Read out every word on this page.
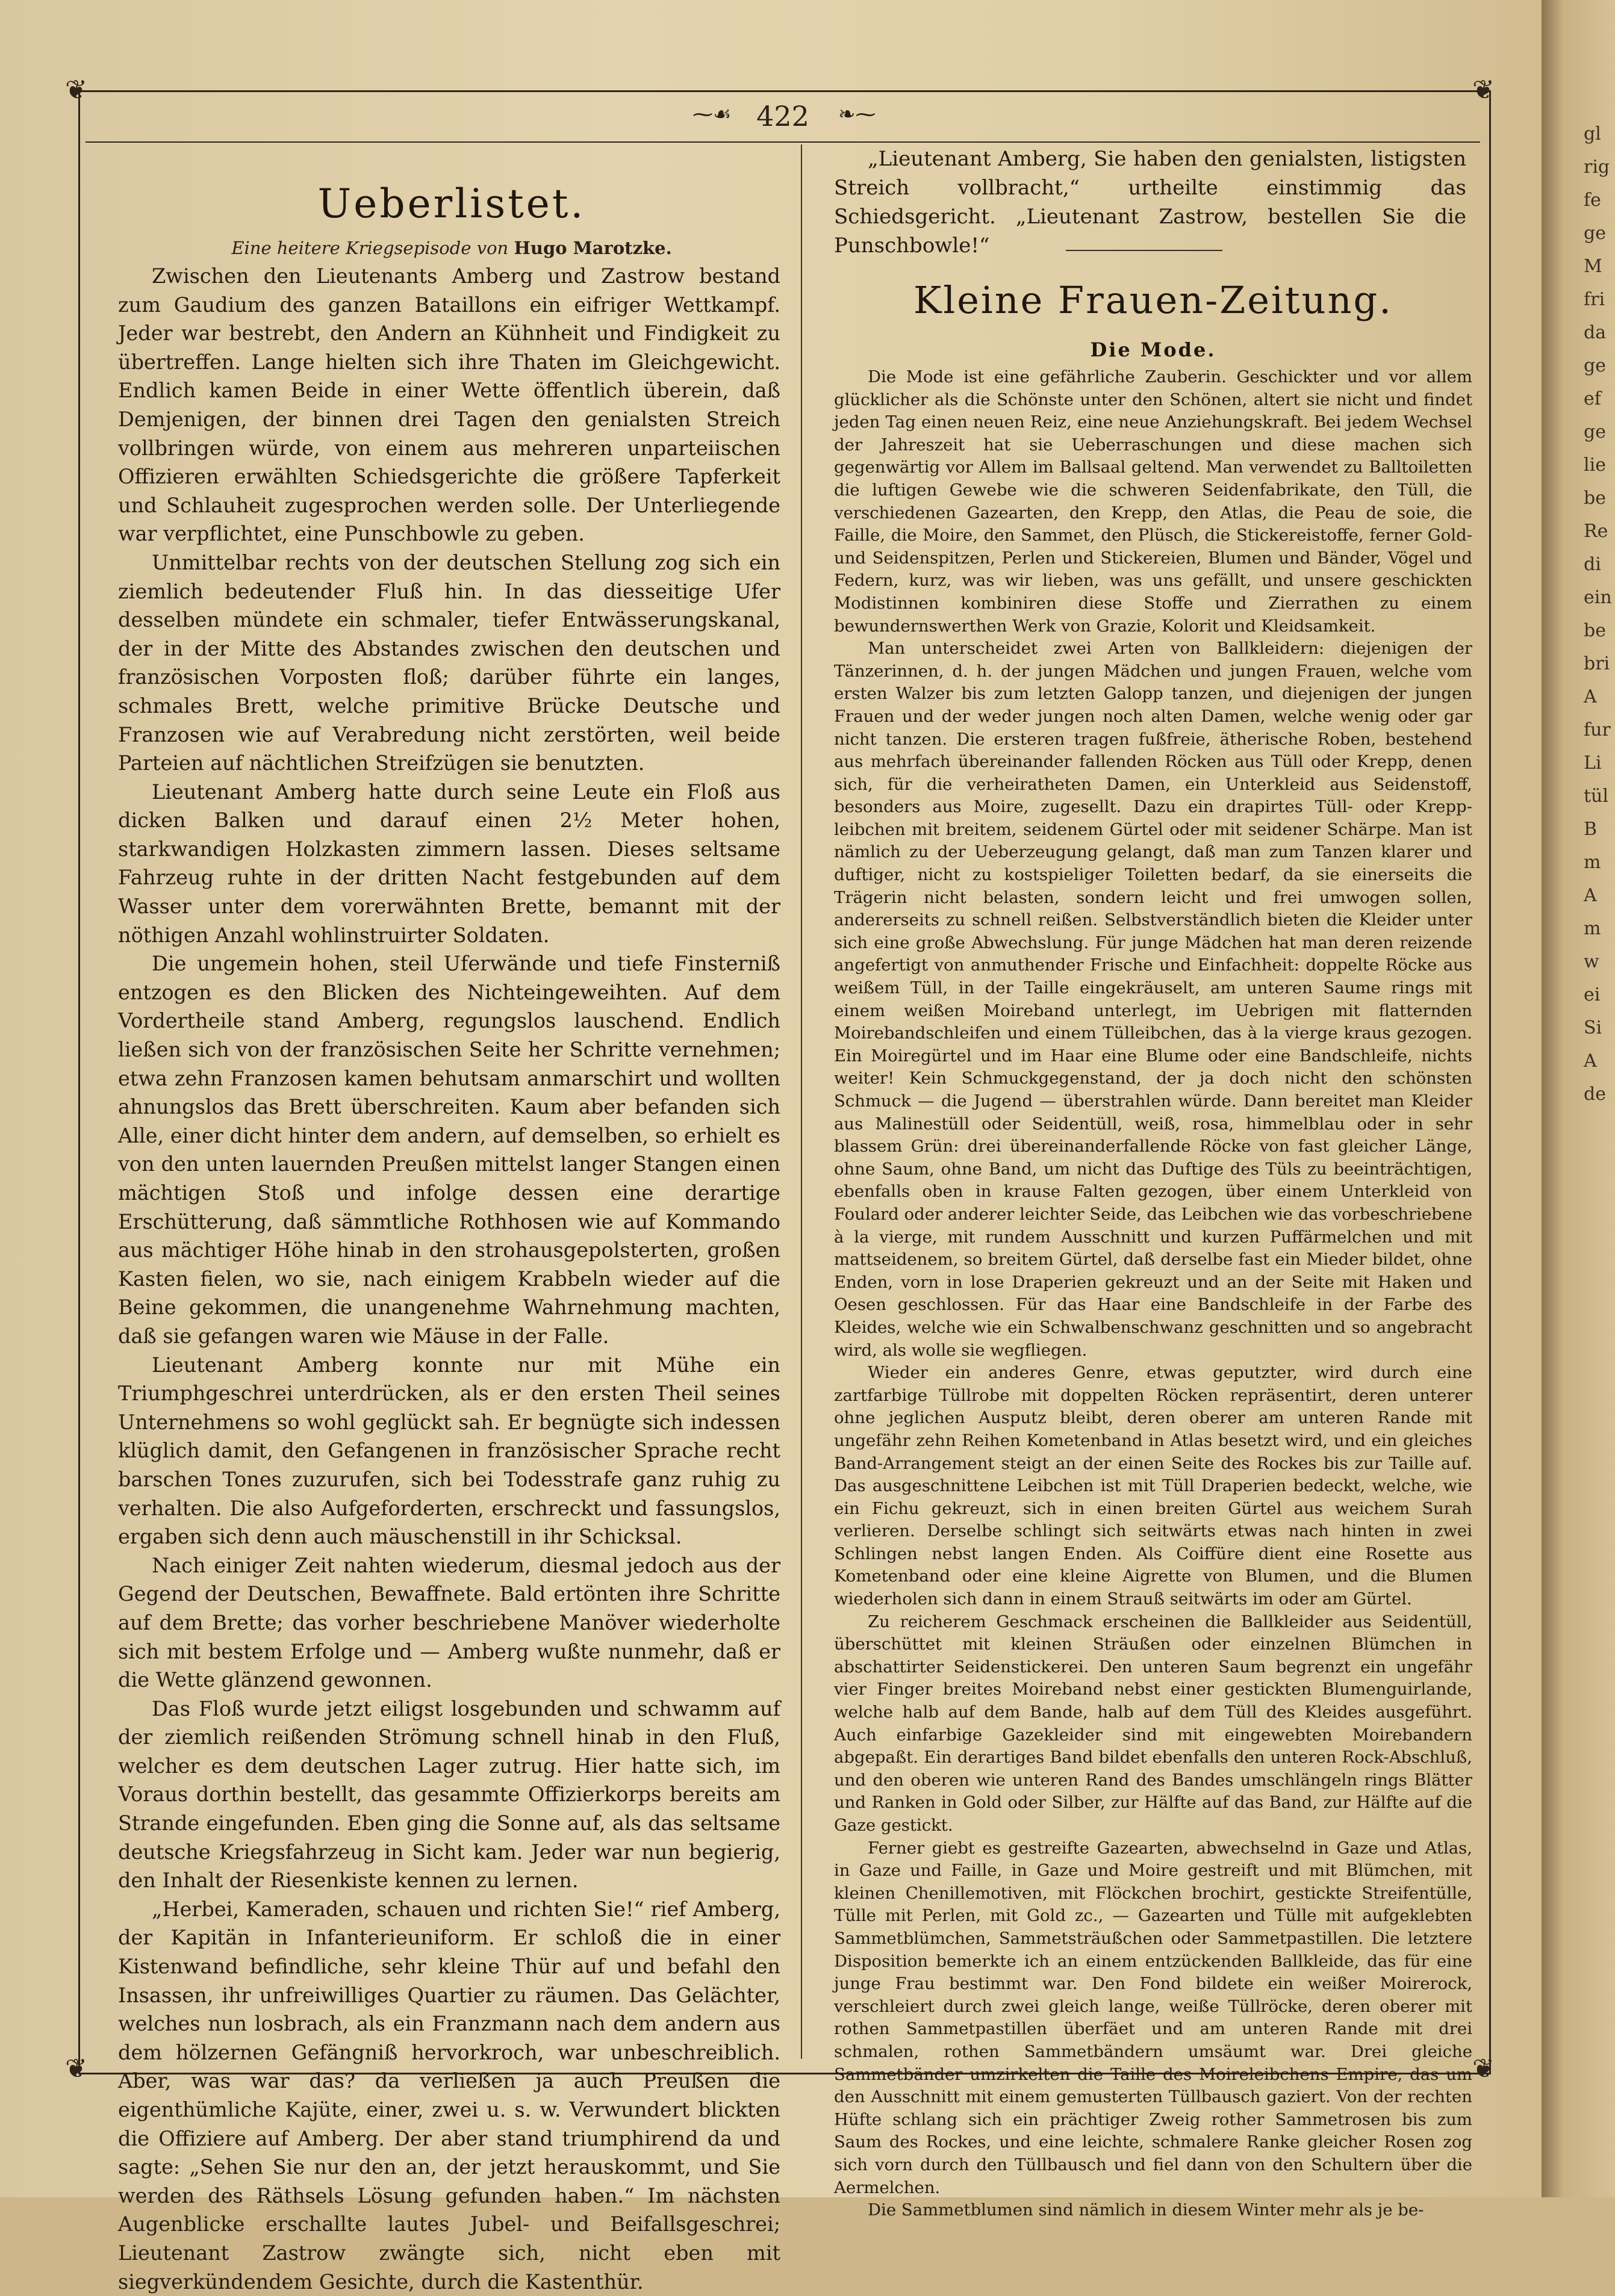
gl
rig
fe
ge
M
fri
da
ge
ef
ge
lie
be
Re
di
ein
be
bri
A
fur
Li
tül
B
m
A
m
w
ei
Si
A
de
❦	❦
❦	❦
⁓☙ 422	❧⁓
Ueberlistet.
Eine heitere Kriegsepisode von Hugo Marotzke.

Zwischen den Lieutenants Amberg und Zastrow bestand zum Gaudium des ganzen Bataillons ein eifriger Wettkampf. Jeder war bestrebt, den Andern an Kühnheit und Findigkeit zu übertreffen. Lange hielten sich ihre Thaten im Gleichgewicht. Endlich kamen Beide in einer Wette öffentlich überein, daß Demjenigen, der binnen drei Tagen den genialsten Streich vollbringen würde, von einem aus mehreren unparteiischen Offizieren erwählten Schiedsgerichte die größere Tapferkeit und Schlauheit zugesprochen werden solle. Der Unterliegende war verpflichtet, eine Punschbowle zu geben.

Unmittelbar rechts von der deutschen Stellung zog sich ein ziemlich bedeutender Fluß hin. In das diesseitige Ufer desselben mündete ein schmaler, tiefer Entwässerungskanal, der in der Mitte des Abstandes zwischen den deutschen und französischen Vorposten floß; darüber führte ein langes, schmales Brett, welche primitive Brücke Deutsche und Franzosen wie auf Verabredung nicht zerstörten, weil beide Parteien auf nächtlichen Streifzügen sie benutzten.

Lieutenant Amberg hatte durch seine Leute ein Floß aus dicken Balken und darauf einen 2½ Meter hohen, starkwandigen Holzkasten zimmern lassen. Dieses seltsame Fahrzeug ruhte in der dritten Nacht festgebunden auf dem Wasser unter dem vorerwähnten Brette, bemannt mit der nöthigen Anzahl wohlinstruirter Soldaten.

Die ungemein hohen, steil Uferwände und tiefe Finsterniß entzogen es den Blicken des Nichteingeweihten. Auf dem Vordertheile stand Amberg, regungslos lauschend. Endlich ließen sich von der französischen Seite her Schritte vernehmen; etwa zehn Franzosen kamen behutsam anmarschirt und wollten ahnungslos das Brett überschreiten. Kaum aber befanden sich Alle, einer dicht hinter dem andern, auf demselben, so erhielt es von den unten lauernden Preußen mittelst langer Stangen einen mächtigen Stoß und infolge dessen eine derartige Erschütterung, daß sämmtliche Rothhosen wie auf Kommando aus mächtiger Höhe hinab in den strohausgepolsterten, großen Kasten fielen, wo sie, nach einigem Krabbeln wieder auf die Beine gekommen, die unangenehme Wahrnehmung machten, daß sie gefangen waren wie Mäuse in der Falle.

Lieutenant Amberg konnte nur mit Mühe ein Triumphgeschrei unterdrücken, als er den ersten Theil seines Unternehmens so wohl geglückt sah. Er begnügte sich indessen klüglich damit, den Gefangenen in französischer Sprache recht barschen Tones zuzurufen, sich bei Todesstrafe ganz ruhig zu verhalten. Die also Aufgeforderten, erschreckt und fassungslos, ergaben sich denn auch mäuschenstill in ihr Schicksal.

Nach einiger Zeit nahten wiederum, diesmal jedoch aus der Gegend der Deutschen, Bewaffnete. Bald ertönten ihre Schritte auf dem Brette; das vorher beschriebene Manöver wiederholte sich mit bestem Erfolge und — Amberg wußte nunmehr, daß er die Wette glänzend gewonnen.

Das Floß wurde jetzt eiligst losgebunden und schwamm auf der ziemlich reißenden Strömung schnell hinab in den Fluß, welcher es dem deutschen Lager zutrug. Hier hatte sich, im Voraus dorthin bestellt, das gesammte Offizierkorps bereits am Strande eingefunden. Eben ging die Sonne auf, als das seltsame deutsche Kriegsfahrzeug in Sicht kam. Jeder war nun begierig, den Inhalt der Riesenkiste kennen zu lernen.

„Herbei, Kameraden, schauen und richten Sie!“ rief Amberg, der Kapitän in Infanterieuniform. Er schloß die in einer Kistenwand befindliche, sehr kleine Thür auf und befahl den Insassen, ihr unfreiwilliges Quartier zu räumen. Das Gelächter, welches nun losbrach, als ein Franzmann nach dem andern aus dem hölzernen Gefängniß hervorkroch, war unbeschreiblich. Aber, was war das? da verließen ja auch Preußen die eigenthümliche Kajüte, einer, zwei u. s. w. Verwundert blickten die Offiziere auf Amberg. Der aber stand triumphirend da und sagte: „Sehen Sie nur den an, der jetzt herauskommt, und Sie werden des Räthsels Lösung gefunden haben.“ Im nächsten Augenblicke erschallte lautes Jubel- und Beifallsgeschrei; Lieutenant Zastrow zwängte sich, nicht eben mit siegverkündendem Gesichte, durch die Kastenthür.

„Lieutenant Amberg, Sie haben den genialsten, listigsten Streich vollbracht,“ urtheilte einstimmig das Schiedsgericht. „Lieutenant Zastrow, bestellen Sie die Punschbowle!“

Kleine Frauen-Zeitung.
Die Mode.

Die Mode ist eine gefährliche Zauberin. Geschickter und vor allem glücklicher als die Schönste unter den Schönen, altert sie nicht und findet jeden Tag einen neuen Reiz, eine neue Anziehungskraft. Bei jedem Wechsel der Jahreszeit hat sie Ueberraschungen und diese machen sich gegenwärtig vor Allem im Ballsaal geltend. Man verwendet zu Balltoiletten die luftigen Gewebe wie die schweren Seidenfabrikate, den Tüll, die verschiedenen Gazearten, den Krepp, den Atlas, die Peau de soie, die Faille, die Moire, den Sammet, den Plüsch, die Stickereistoffe, ferner Gold- und Seidenspitzen, Perlen und Stickereien, Blumen und Bänder, Vögel und Federn, kurz, was wir lieben, was uns gefällt, und unsere geschickten Modistinnen kombiniren diese Stoffe und Zierrathen zu einem bewundernswerthen Werk von Grazie, Kolorit und Kleidsamkeit.

Man unterscheidet zwei Arten von Ballkleidern: diejenigen der Tänzerinnen, d. h. der jungen Mädchen und jungen Frauen, welche vom ersten Walzer bis zum letzten Galopp tanzen, und diejenigen der jungen Frauen und der weder jungen noch alten Damen, welche wenig oder gar nicht tanzen. Die ersteren tragen fußfreie, ätherische Roben, bestehend aus mehrfach übereinander fallenden Röcken aus Tüll oder Krepp, denen sich, für die verheiratheten Damen, ein Unterkleid aus Seidenstoff, besonders aus Moire, zugesellt. Dazu ein drapirtes Tüll- oder Krepp-leibchen mit breitem, seidenem Gürtel oder mit seidener Schärpe. Man ist nämlich zu der Ueberzeugung gelangt, daß man zum Tanzen klarer und duftiger, nicht zu kostspieliger Toiletten bedarf, da sie einerseits die Trägerin nicht belasten, sondern leicht und frei umwogen sollen, andererseits zu schnell reißen. Selbstverständlich bieten die Kleider unter sich eine große Abwechslung. Für junge Mädchen hat man deren reizende angefertigt von anmuthender Frische und Einfachheit: doppelte Röcke aus weißem Tüll, in der Taille eingekräuselt, am unteren Saume rings mit einem weißen Moireband unterlegt, im Uebrigen mit flatternden Moirebandschleifen und einem Tülleibchen, das à la vierge kraus gezogen. Ein Moiregürtel und im Haar eine Blume oder eine Bandschleife, nichts weiter! Kein Schmuckgegenstand, der ja doch nicht den schönsten Schmuck — die Jugend — überstrahlen würde. Dann bereitet man Kleider aus Malinestüll oder Seidentüll, weiß, rosa, himmelblau oder in sehr blassem Grün: drei übereinanderfallende Röcke von fast gleicher Länge, ohne Saum, ohne Band, um nicht das Duftige des Tüls zu beeinträchtigen, ebenfalls oben in krause Falten gezogen, über einem Unterkleid von Foulard oder anderer leichter Seide, das Leibchen wie das vorbeschriebene à la vierge, mit rundem Ausschnitt und kurzen Puffärmelchen und mit mattseidenem, so breitem Gürtel, daß derselbe fast ein Mieder bildet, ohne Enden, vorn in lose Draperien gekreuzt und an der Seite mit Haken und Oesen geschlossen. Für das Haar eine Bandschleife in der Farbe des Kleides, welche wie ein Schwalbenschwanz geschnitten und so angebracht wird, als wolle sie wegfliegen.

Wieder ein anderes Genre, etwas geputzter, wird durch eine zartfarbige Tüllrobe mit doppelten Röcken repräsentirt, deren unterer ohne jeglichen Ausputz bleibt, deren oberer am unteren Rande mit ungefähr zehn Reihen Kometenband in Atlas besetzt wird, und ein gleiches Band-Arrangement steigt an der einen Seite des Rockes bis zur Taille auf. Das ausgeschnittene Leibchen ist mit Tüll Draperien bedeckt, welche, wie ein Fichu gekreuzt, sich in einen breiten Gürtel aus weichem Surah verlieren. Derselbe schlingt sich seitwärts etwas nach hinten in zwei Schlingen nebst langen Enden. Als Coiffüre dient eine Rosette aus Kometenband oder eine kleine Aigrette von Blumen, und die Blumen wiederholen sich dann in einem Strauß seitwärts im oder am Gürtel.

Zu reicherem Geschmack erscheinen die Ballkleider aus Seidentüll, überschüttet mit kleinen Sträußen oder einzelnen Blümchen in abschattirter Seidenstickerei. Den unteren Saum begrenzt ein ungefähr vier Finger breites Moireband nebst einer gestickten Blumenguirlande, welche halb auf dem Bande, halb auf dem Tüll des Kleides ausgeführt. Auch einfarbige Gazekleider sind mit eingewebten Moirebandern abgepaßt. Ein derartiges Band bildet ebenfalls den unteren Rock-Abschluß, und den oberen wie unteren Rand des Bandes umschlängeln rings Blätter und Ranken in Gold oder Silber, zur Hälfte auf das Band, zur Hälfte auf die Gaze gestickt.

Ferner giebt es gestreifte Gazearten, abwechselnd in Gaze und Atlas, in Gaze und Faille, in Gaze und Moire gestreift und mit Blümchen, mit kleinen Chenillemotiven, mit Flöckchen brochirt, gestickte Streifentülle, Tülle mit Perlen, mit Gold zc., — Gazearten und Tülle mit aufgeklebten Sammetblümchen, Sammetsträußchen oder Sammetpastillen. Die letztere Disposition bemerkte ich an einem entzückenden Ballkleide, das für eine junge Frau bestimmt war. Den Fond bildete ein weißer Moirerock, verschleiert durch zwei gleich lange, weiße Tüllröcke, deren oberer mit rothen Sammetpastillen überfäet und am unteren Rande mit drei schmalen, rothen Sammetbändern umsäumt war. Drei gleiche Sammetbänder umzirkelten die Taille des Moireleibchens Empire, das um den Ausschnitt mit einem gemusterten Tüllbausch gaziert. Von der rechten Hüfte schlang sich ein prächtiger Zweig rother Sammetrosen bis zum Saum des Rockes, und eine leichte, schmalere Ranke gleicher Rosen zog sich vorn durch den Tüllbausch und fiel dann von den Schultern über die Aermelchen.

Die Sammetblumen sind nämlich in diesem Winter mehr als je be-
